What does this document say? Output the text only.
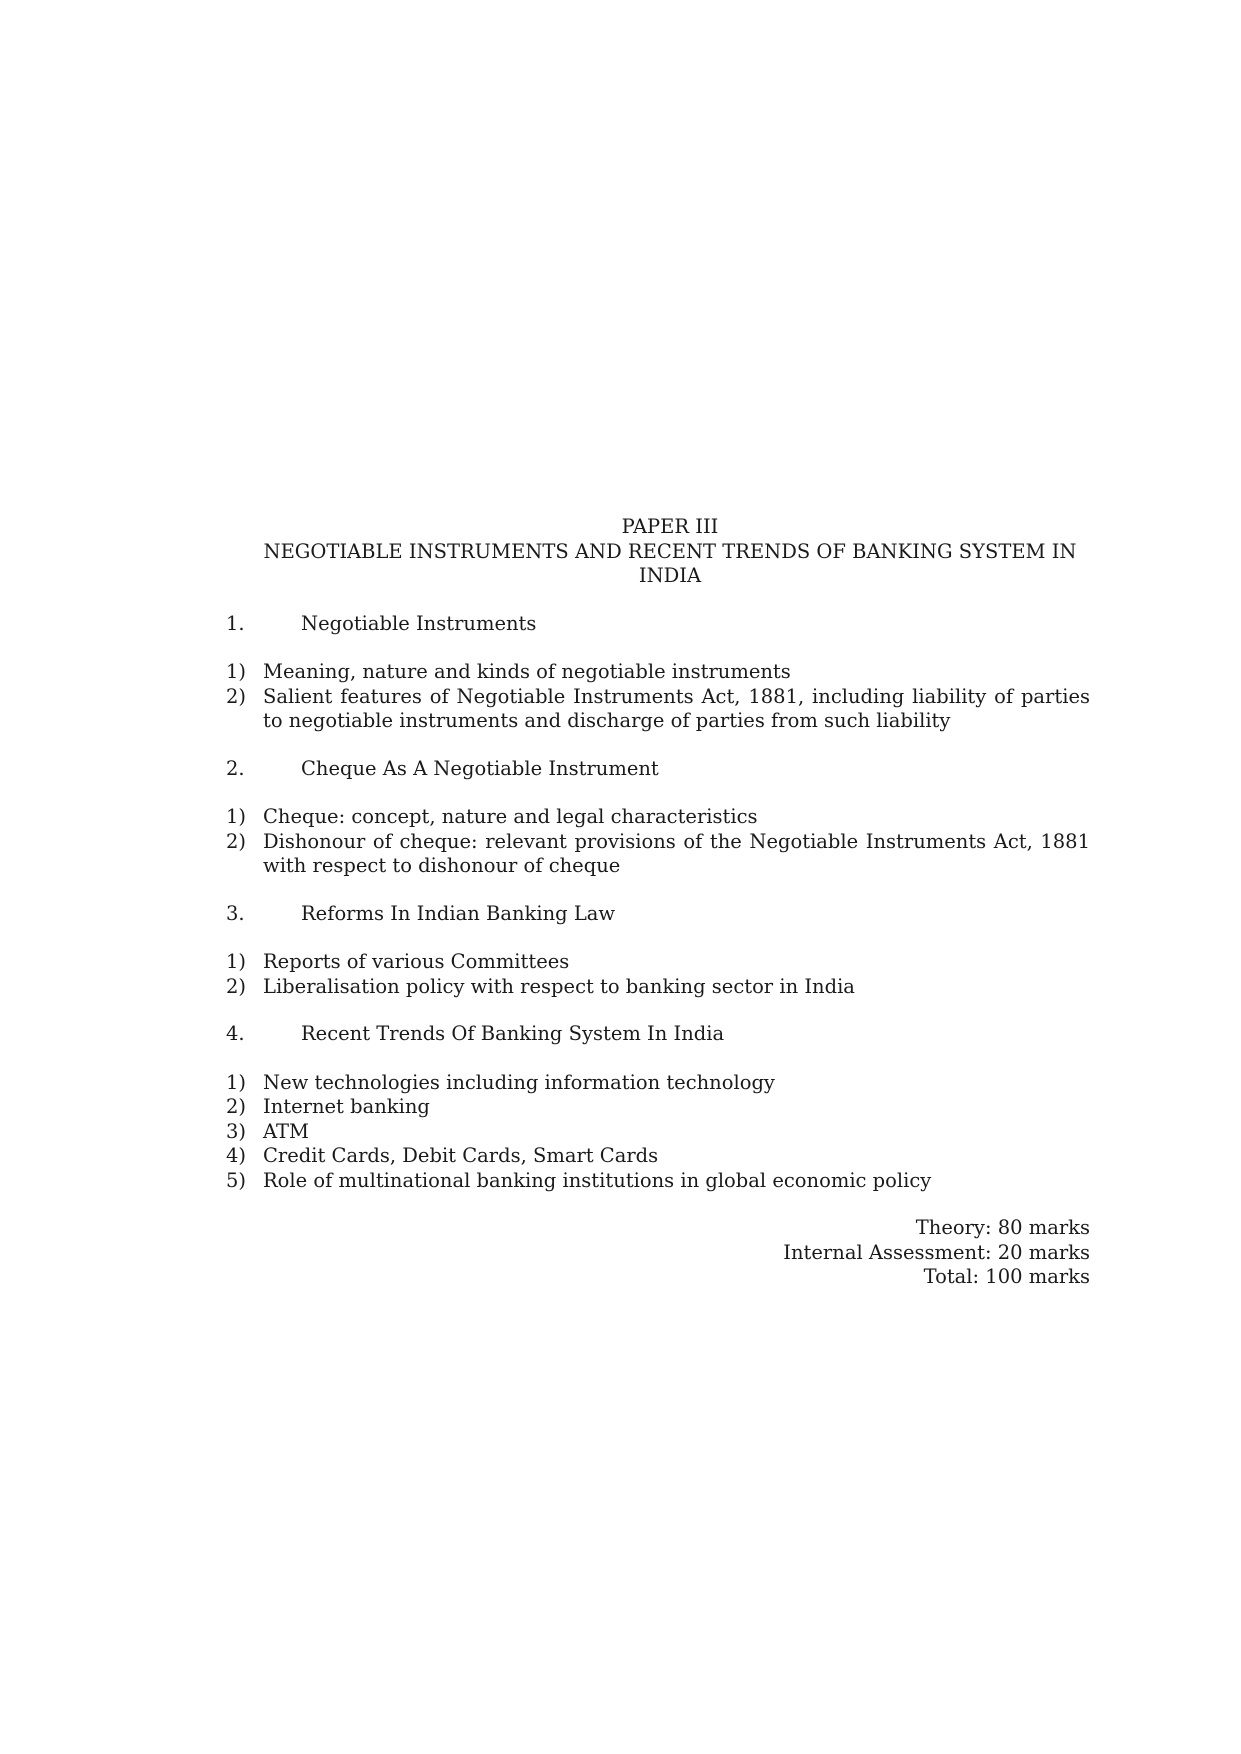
PAPER III
NEGOTIABLE INSTRUMENTS AND RECENT TRENDS OF BANKING SYSTEM IN
INDIA
1.	Negotiable Instruments
1) Meaning, nature and kinds of negotiable instruments
2) Salient features of Negotiable Instruments Act, 1881, including liability of parties to negotiable instruments and discharge of parties from such liability
2.	Cheque As A Negotiable Instrument
1) Cheque: concept, nature and legal characteristics
2) Dishonour of cheque: relevant provisions of the Negotiable Instruments Act, 1881 with respect to dishonour of cheque
3.	Reforms In Indian Banking Law
1) Reports of various Committees
2) Liberalisation policy with respect to banking sector in India
4.	Recent Trends Of Banking System In India
1) New technologies including information technology
2) Internet banking
3) ATM
4) Credit Cards, Debit Cards, Smart Cards
5) Role of multinational banking institutions in global economic policy
Theory: 80 marks
Internal Assessment: 20 marks
Total: 100 marks
